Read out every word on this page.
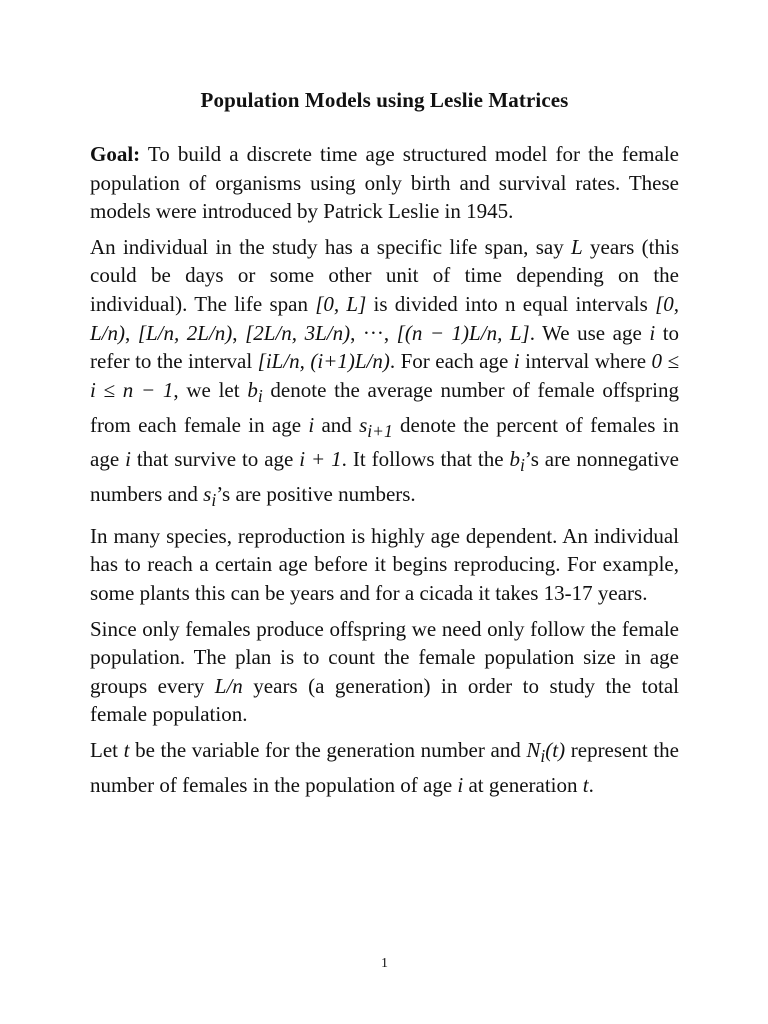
Population Models using Leslie Matrices

Goal: To build a discrete time age structured model for the female population of organisms using only birth and survival rates. These models were introduced by Patrick Leslie in 1945.

An individual in the study has a specific life span, say L years (this could be days or some other unit of time depending on the individual). The life span [0, L] is divided into n equal intervals [0, L/n), [L/n, 2L/n), [2L/n, 3L/n), ···, [(n − 1)L/n, L]. We use age i to refer to the interval [iL/n, (i+1)L/n). For each age i interval where 0 ≤ i ≤ n − 1, we let $b_i$ denote the average number of female offspring from each female in age i and $s_{i+1}$ denote the percent of females in age i that survive to age i + 1. It follows that the $b_i’s$ are nonnegative numbers and $s_i’s$ are positive numbers.

In many species, reproduction is highly age dependent. An individual has to reach a certain age before it begins reproducing. For example, some plants this can be years and for a cicada it takes 13-17 years.

Since only females produce offspring we need only follow the female population. The plan is to count the female population size in age groups every L/n years (a generation) in order to study the total female population.

Let t be the variable for the generation number and $N_i(t)$ represent the number of females in the population of age i at generation t.

1
